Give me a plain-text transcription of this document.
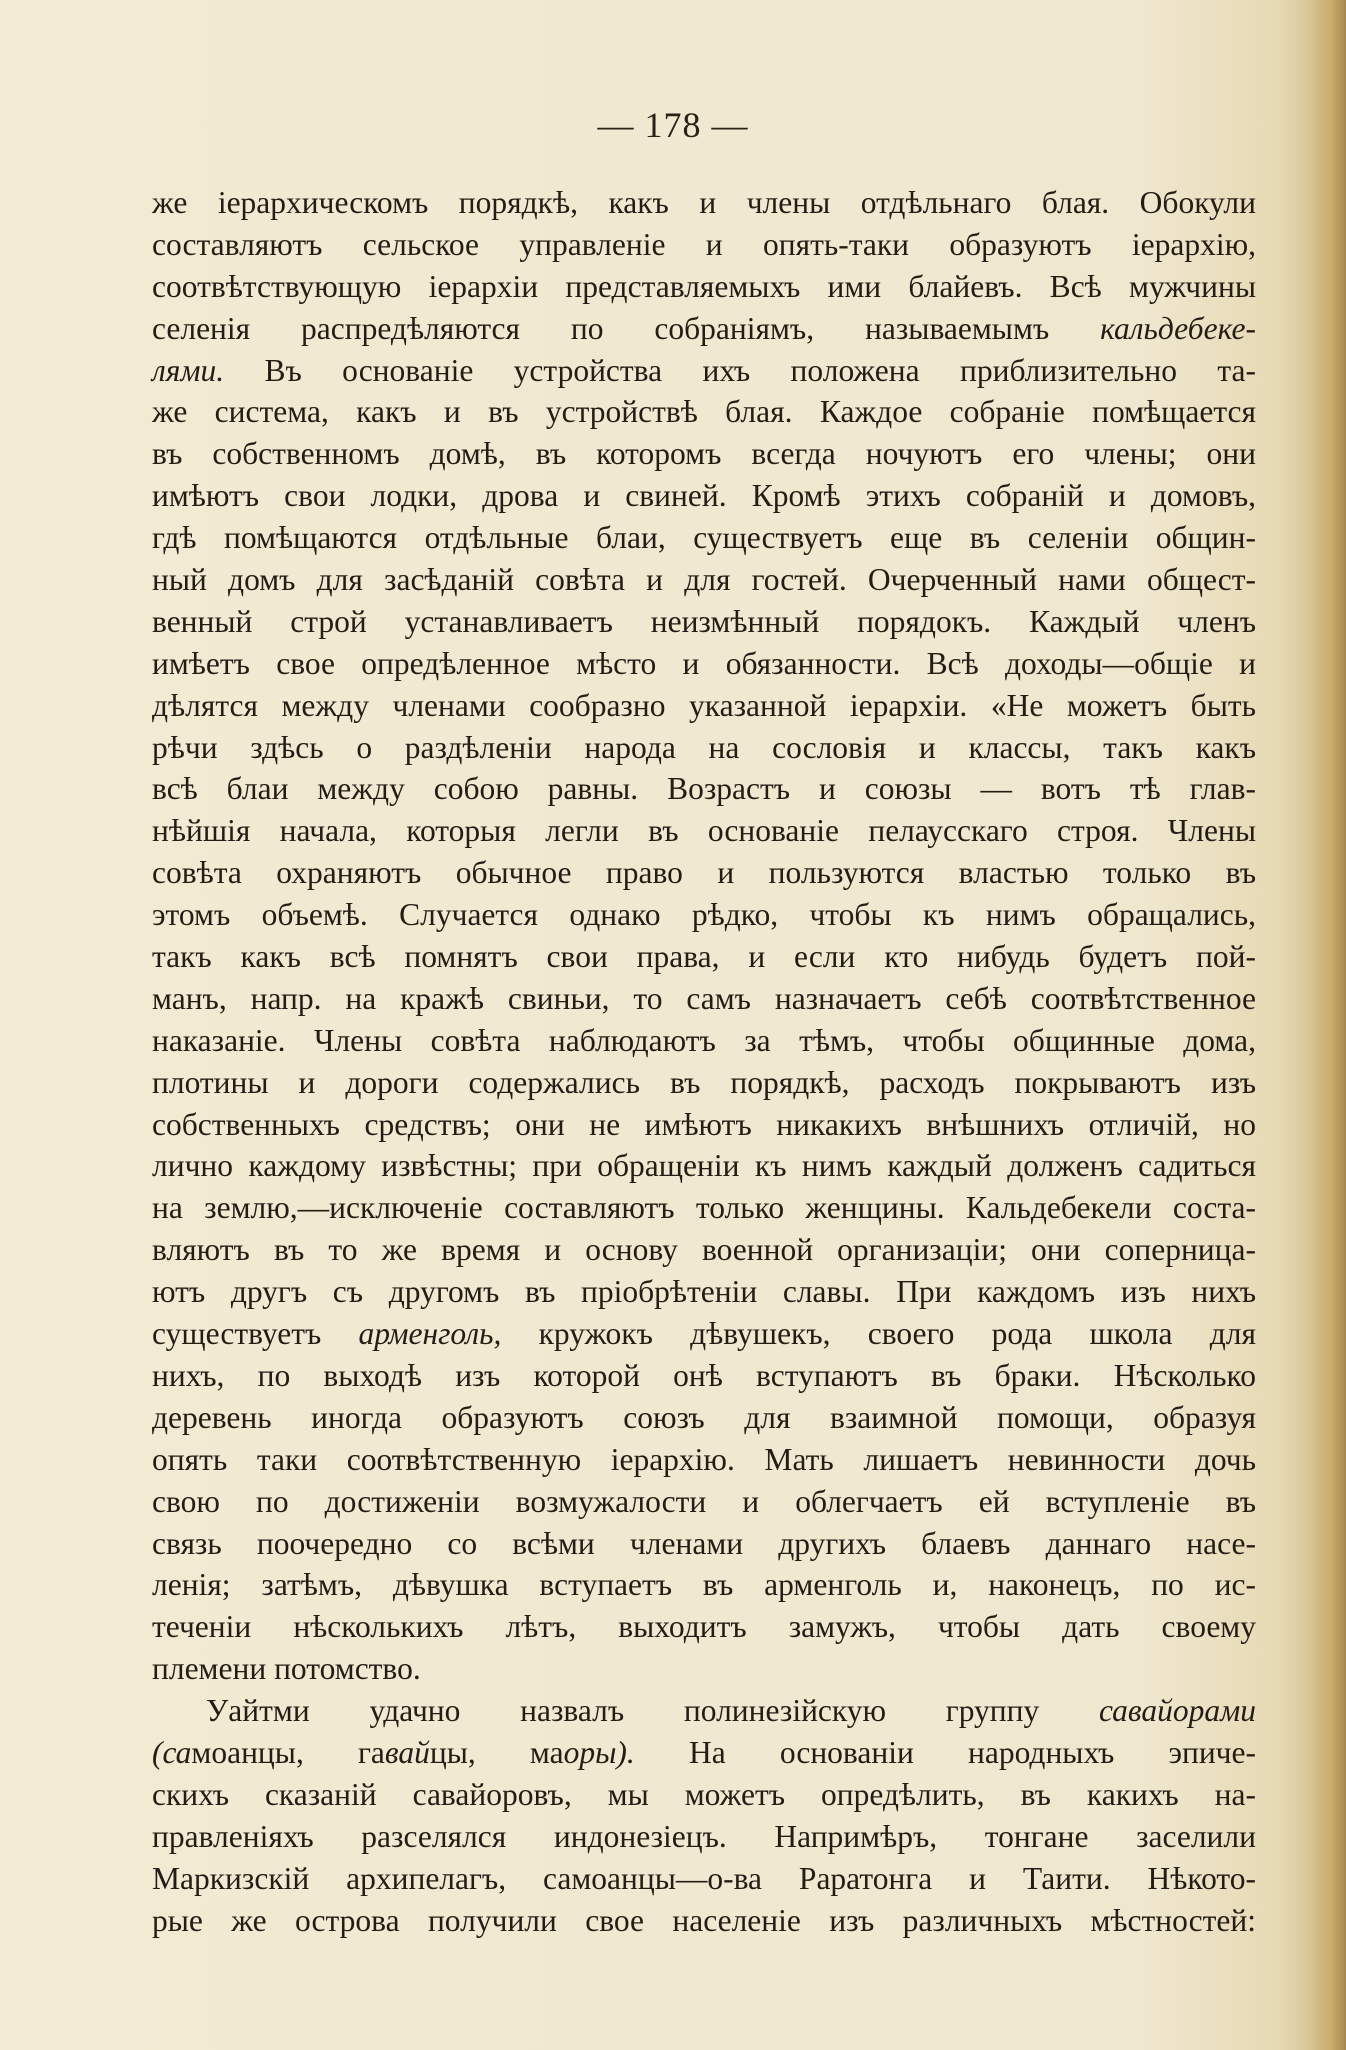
— 178 —
же іерархическомъ порядкѣ, какъ и члены отдѣльнаго блая. Обокули
составляютъ сельское управленіе и опять-таки образуютъ іерархію,
соотвѣтствующую іерархіи представляемыхъ ими блайевъ. Всѣ мужчины
селенія распредѣляются по собраніямъ, называемымъ кальдебеке-
лями. Въ основаніе устройства ихъ положена приблизительно та-
же система, какъ и въ устройствѣ блая. Каждое собраніе помѣщается
въ собственномъ домѣ, въ которомъ всегда ночуютъ его члены; они
имѣютъ свои лодки, дрова и свиней. Кромѣ этихъ собраній и домовъ,
гдѣ помѣщаются отдѣльные блаи, существуетъ еще въ селеніи общин-
ный домъ для засѣданій совѣта и для гостей. Очерченный нами общест-
венный строй устанавливаетъ неизмѣнный порядокъ. Каждый членъ
имѣетъ свое опредѣленное мѣсто и обязанности. Всѣ доходы—общіе и
дѣлятся между членами сообразно указанной іерархіи. «Не можетъ быть
рѣчи здѣсь о раздѣленіи народа на сословія и классы, такъ какъ
всѣ блаи между собою равны. Возрастъ и союзы — вотъ тѣ глав-
нѣйшія начала, которыя легли въ основаніе пелаусскаго строя. Члены
совѣта охраняютъ обычное право и пользуются властью только въ
этомъ объемѣ. Случается однако рѣдко, чтобы къ нимъ обращались,
такъ какъ всѣ помнятъ свои права, и если кто нибудь будетъ пой-
манъ, напр. на кражѣ свиньи, то самъ назначаетъ себѣ соотвѣтственное
наказаніе. Члены совѣта наблюдаютъ за тѣмъ, чтобы общинные дома,
плотины и дороги содержались въ порядкѣ, расходъ покрываютъ изъ
собственныхъ средствъ; они не имѣютъ никакихъ внѣшнихъ отличій, но
лично каждому извѣстны; при обращеніи къ нимъ каждый долженъ садиться
на землю,—исключеніе составляютъ только женщины. Кальдебекели соста-
вляютъ въ то же время и основу военной организаціи; они соперница-
ютъ другъ съ другомъ въ пріобрѣтеніи славы. При каждомъ изъ нихъ
существуетъ арменголь, кружокъ дѣвушекъ, своего рода школа для
нихъ, по выходѣ изъ которой онѣ вступаютъ въ браки. Нѣсколько
деревень иногда образуютъ союзъ для взаимной помощи, образуя
опять таки соотвѣтственную іерархію. Мать лишаетъ невинности дочь
свою по достиженіи возмужалости и облегчаетъ ей вступленіе въ
связь поочередно со всѣми членами другихъ блаевъ даннаго насе-
ленія; затѣмъ, дѣвушка вступаетъ въ арменголь и, наконецъ, по ис-
теченіи нѣсколькихъ лѣтъ, выходитъ замужъ, чтобы дать своему
племени потомство.
Уайтми удачно назвалъ полинезійскую группу савайорами
(самоанцы, гавайцы, маоры). На основаніи народныхъ эпиче-
скихъ сказаній савайоровъ, мы можетъ опредѣлить, въ какихъ на-
правленіяхъ разселялся индонезіецъ. Напримѣръ, тонгане заселили
Маркизскій архипелагъ, самоанцы—о-ва Раратонга и Таити. Нѣкото-
рые же острова получили свое населеніе изъ различныхъ мѣстностей:
